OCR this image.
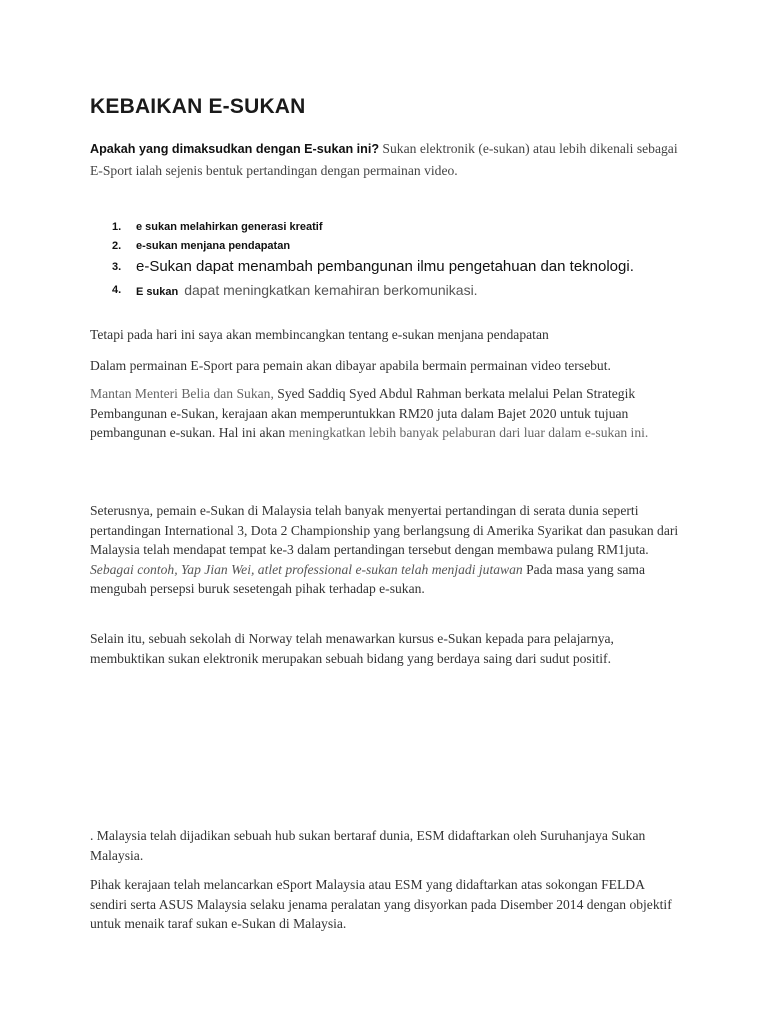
KEBAIKAN E-SUKAN
Apakah yang dimaksudkan dengan E-sukan ini? Sukan elektronik (e-sukan) atau lebih dikenali sebagai E-Sport ialah sejenis bentuk pertandingan dengan permainan video.
1. e sukan melahirkan generasi kreatif
2. e-sukan menjana pendapatan
3. e-Sukan dapat menambah pembangunan ilmu pengetahuan dan teknologi.
4. E sukan dapat meningkatkan kemahiran berkomunikasi.
Tetapi pada hari ini saya akan membincangkan tentang e-sukan menjana pendapatan
Dalam permainan E-Sport para pemain akan dibayar apabila bermain permainan video tersebut.
Mantan Menteri Belia dan Sukan, Syed Saddiq Syed Abdul Rahman berkata melalui Pelan Strategik Pembangunan e-Sukan, kerajaan akan memperuntukkan RM20 juta dalam Bajet 2020 untuk tujuan pembangunan e-sukan. Hal ini akan meningkatkan lebih banyak pelaburan dari luar dalam e-sukan ini.
Seterusnya, pemain e-Sukan di Malaysia telah banyak menyertai pertandingan di serata dunia seperti pertandingan International 3, Dota 2 Championship yang berlangsung di Amerika Syarikat dan pasukan dari Malaysia telah mendapat tempat ke-3 dalam pertandingan tersebut dengan membawa pulang RM1juta. Sebagai contoh, Yap Jian Wei, atlet professional e-sukan telah menjadi jutawan Pada masa yang sama mengubah persepsi buruk sesetengah pihak terhadap e-sukan.
Selain itu, sebuah sekolah di Norway telah menawarkan kursus e-Sukan kepada para pelajarnya, membuktikan sukan elektronik merupakan sebuah bidang yang berdaya saing dari sudut positif.
. Malaysia telah dijadikan sebuah hub sukan bertaraf dunia, ESM didaftarkan oleh Suruhanjaya Sukan Malaysia.
Pihak kerajaan telah melancarkan eSport Malaysia atau ESM yang didaftarkan atas sokongan FELDA sendiri serta ASUS Malaysia selaku jenama peralatan yang disyorkan pada Disember 2014 dengan objektif untuk menaik taraf sukan e-Sukan di Malaysia.
